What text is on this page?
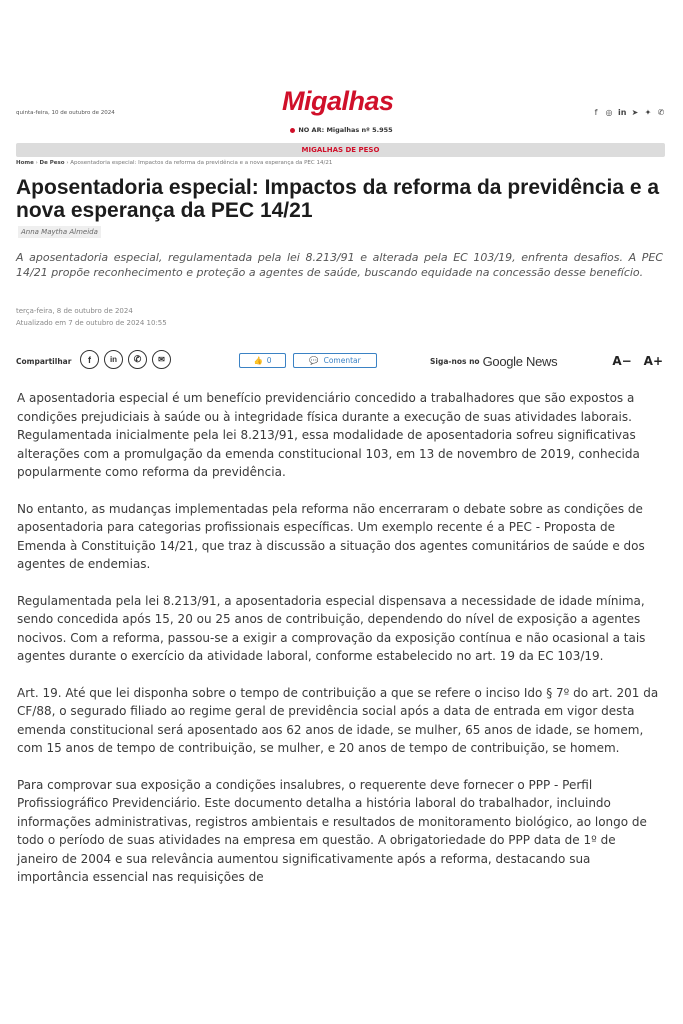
quinta-feira, 10 de outubro de 2024	Migalhas	f	◎ in ➤ ✦ ✆
NO AR: Migalhas nº 5.955
MIGALHAS DE PESO
Home › De Peso › Aposentadoria especial: Impactos da reforma da previdência e a nova esperança da PEC 14/21
Aposentadoria especial: Impactos da reforma da previdência e a nova esperança da PEC 14/21
Anna Maytha Almeida
A aposentadoria especial, regulamentada pela lei 8.213/91 e alterada pela EC 103/19, enfrenta desafios. A PEC 14/21 propõe reconhecimento e proteção a agentes de saúde, buscando equidade na concessão desse benefício.
terça-feira, 8 de outubro de 2024
Atualizado em 7 de outubro de 2024 10:55
Compartilhar	f	in	✆	✉	👍 0	💬 Comentar	Siga-nos no Google News	A− A+

A aposentadoria especial é um benefício previdenciário concedido a trabalhadores que são expostos a condições prejudiciais à saúde ou à integridade física durante a execução de suas atividades laborais. Regulamentada inicialmente pela lei 8.213/91, essa modalidade de aposentadoria sofreu significativas alterações com a promulgação da emenda constitucional 103, em 13 de novembro de 2019, conhecida popularmente como reforma da previdência.

No entanto, as mudanças implementadas pela reforma não encerraram o debate sobre as condições de aposentadoria para categorias profissionais específicas. Um exemplo recente é a PEC - Proposta de Emenda à Constituição 14/21, que traz à discussão a situação dos agentes comunitários de saúde e dos agentes de endemias.

Regulamentada pela lei 8.213/91, a aposentadoria especial dispensava a necessidade de idade mínima, sendo concedida após 15, 20 ou 25 anos de contribuição, dependendo do nível de exposição a agentes nocivos. Com a reforma, passou-se a exigir a comprovação da exposição contínua e não ocasional a tais agentes durante o exercício da atividade laboral, conforme estabelecido no art. 19 da EC 103/19.

Art. 19. Até que lei disponha sobre o tempo de contribuição a que se refere o inciso Ido § 7º do art. 201 da CF/88, o segurado filiado ao regime geral de previdência social após a data de entrada em vigor desta emenda constitucional será aposentado aos 62 anos de idade, se mulher, 65 anos de idade, se homem, com 15 anos de tempo de contribuição, se mulher, e 20 anos de tempo de contribuição, se homem.

Para comprovar sua exposição a condições insalubres, o requerente deve fornecer o PPP - Perfil Profissiográfico Previdenciário. Este documento detalha a história laboral do trabalhador, incluindo informações administrativas, registros ambientais e resultados de monitoramento biológico, ao longo de todo o período de suas atividades na empresa em questão. A obrigatoriedade do PPP data de 1º de janeiro de 2004 e sua relevância aumentou significativamente após a reforma, destacando sua importância essencial nas requisições de
